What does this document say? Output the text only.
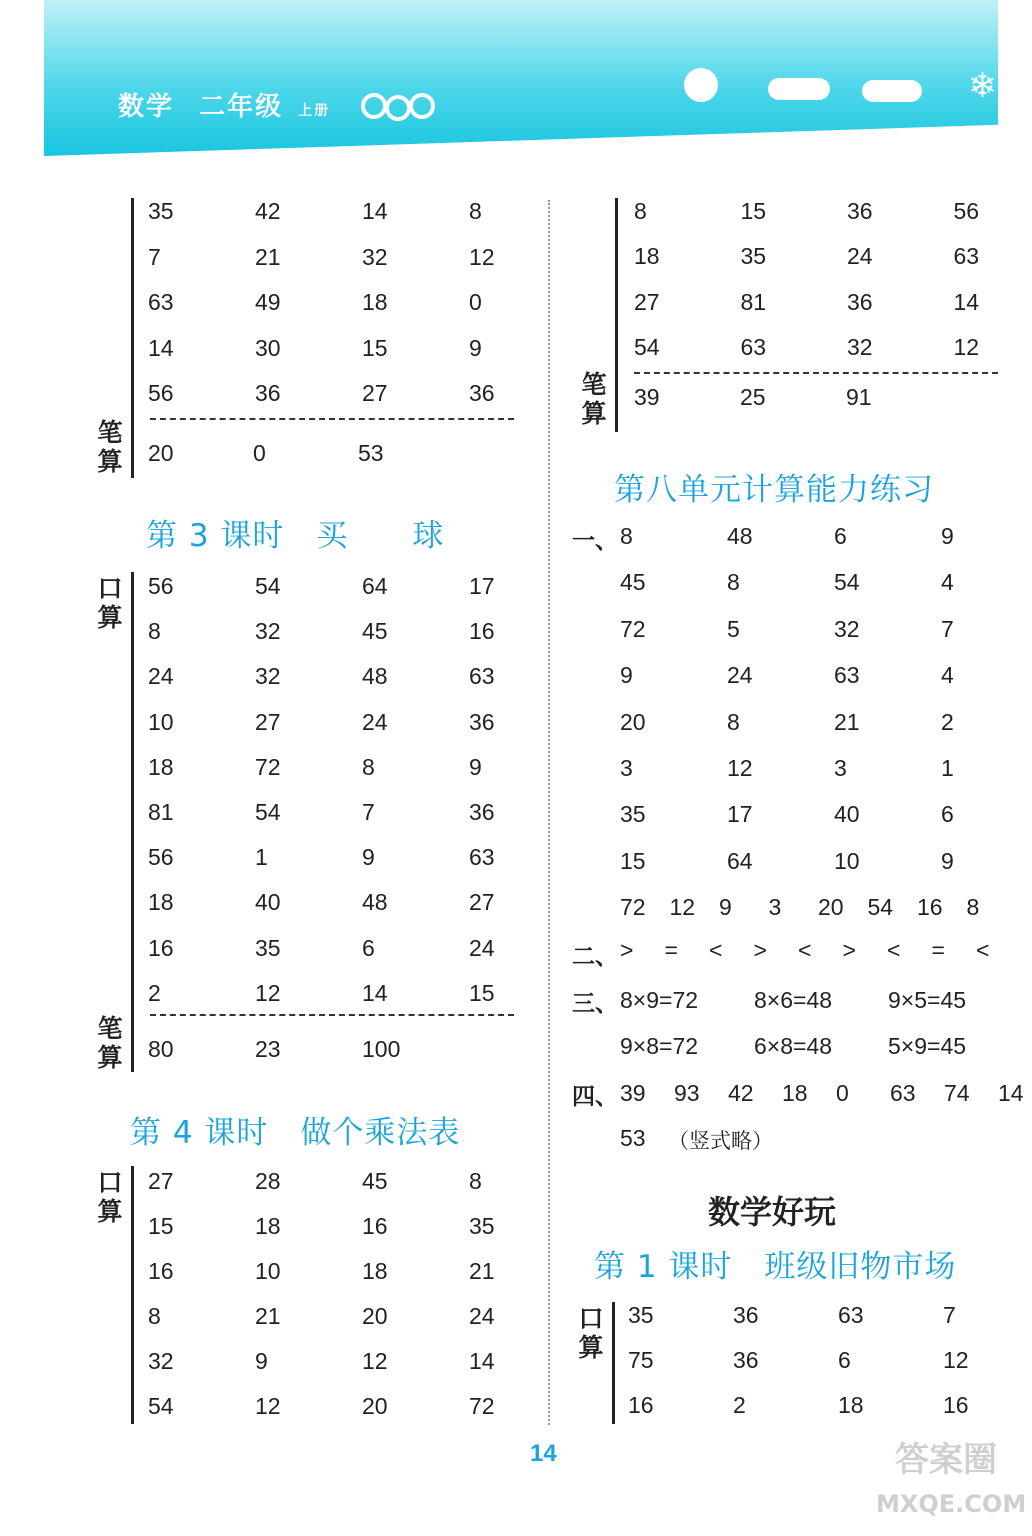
❄
数学 二年级 上册
35	42	14	8
7	21	32	12
63	49	18	0
14	30	15	9
56	36	27	36
笔
算 20	0	53
第 3 课时　买　　球
口
算
56	54	64	17
8	32	45	16
24	32	48	63
10	27	24	36
18	72	8	9
81	54	7	36
56	1	9	63
18	40	48	27
16	35	6	24
2	12	14	15
笔
算 80	23	100
第 4 课时　做个乘法表
口
算
27	28	45	8
15	18	16	35
16	10	18	21
8	21	20	24
32	9	12	14
54	12	20	72
8	15	36	56
18	35	24	63
27	81	36	14
54	63	32	12
笔
算
39	25	91
第八单元计算能力练习
一、 8	48	6	9
45	8	54	4
72	5	32	7
9	24	63	4
20	8	21	2
3	12	3	1
35	17	40	6
15	64	10	9
72 12 9 3 20 54 16 8
二、 > = < > < > < = <
三、 8×9=72 8×6=48 9×5=45
9×8=72 6×8=48 5×9=45
四、 39 93 42 18 0 63 74 14
53 （竖式略）
数学好玩
第 1 课时　班级旧物市场
口
算
35	36	63	7
75	36	6	12
16	2	18	16
14	答案圈
MXQE.COM
